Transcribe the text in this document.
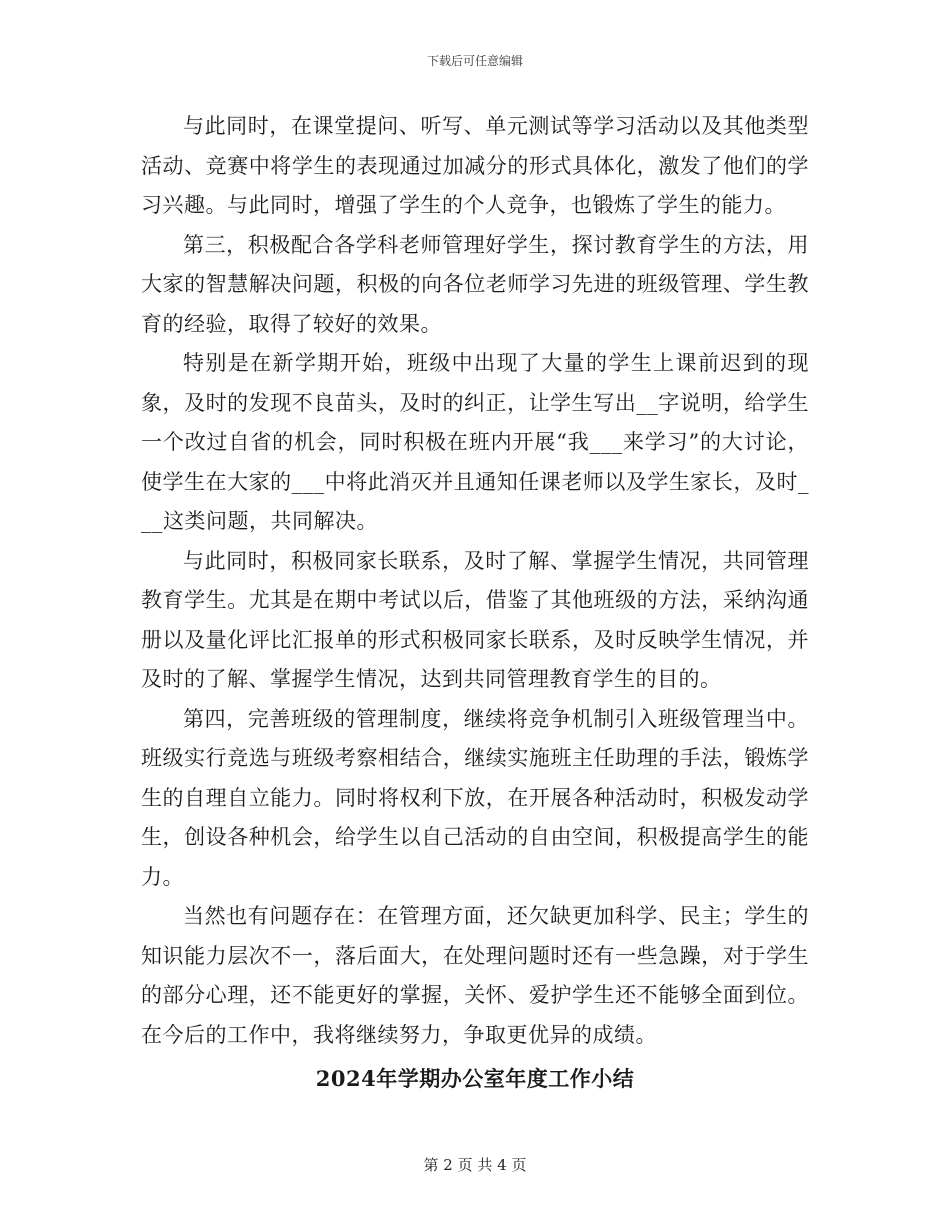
下载后可任意编辑

与此同时，在课堂提问、听写、单元测试等学习活动以及其他类型活动、竞赛中将学生的表现通过加减分的形式具体化，激发了他们的学习兴趣。与此同时，增强了学生的个人竞争，也锻炼了学生的能力。

第三，积极配合各学科老师管理好学生，探讨教育学生的方法，用大家的智慧解决问题，积极的向各位老师学习先进的班级管理、学生教育的经验，取得了较好的效果。

特别是在新学期开始，班级中出现了大量的学生上课前迟到的现象，及时的发现不良苗头，及时的纠正，让学生写出__字说明，给学生一个改过自省的机会，同时积极在班内开展“我___来学习”的大讨论，使学生在大家的___中将此消灭并且通知任课老师以及学生家长，及时___这类问题，共同解决。

与此同时，积极同家长联系，及时了解、掌握学生情况，共同管理教育学生。尤其是在期中考试以后，借鉴了其他班级的方法，采纳沟通册以及量化评比汇报单的形式积极同家长联系，及时反映学生情况，并及时的了解、掌握学生情况，达到共同管理教育学生的目的。

第四，完善班级的管理制度，继续将竞争机制引入班级管理当中。班级实行竞选与班级考察相结合，继续实施班主任助理的手法，锻炼学生的自理自立能力。同时将权利下放，在开展各种活动时，积极发动学生，创设各种机会，给学生以自己活动的自由空间，积极提高学生的能力。

当然也有问题存在：在管理方面，还欠缺更加科学、民主；学生的知识能力层次不一，落后面大，在处理问题时还有一些急躁，对于学生的部分心理，还不能更好的掌握，关怀、爱护学生还不能够全面到位。在今后的工作中，我将继续努力，争取更优异的成绩。

2024年学期办公室年度工作小结
第 2 页 共 4 页
